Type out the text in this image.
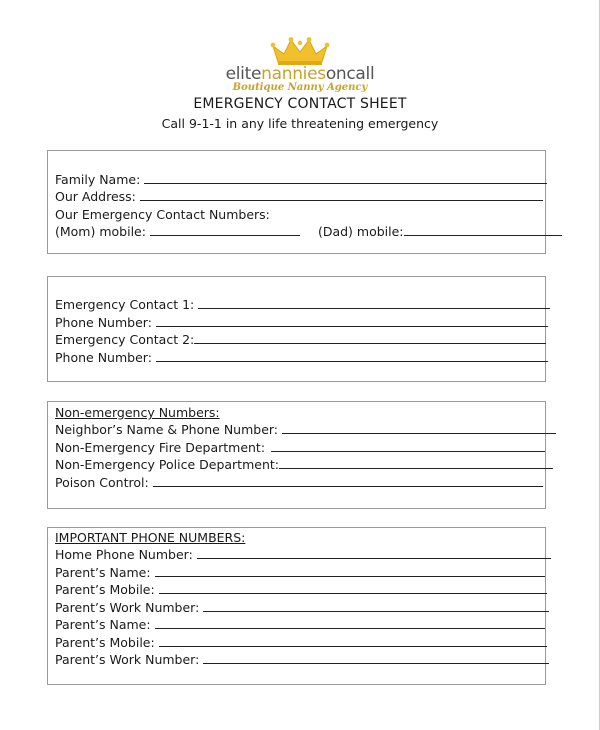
elitenanniesoncall
Boutique Nanny Agency
EMERGENCY CONTACT SHEET
Call 9-1-1 in any life threatening emergency
Family Name:
Our Address:
Our Emergency Contact Numbers:
(Mom) mobile:	(Dad) mobile:
Emergency Contact 1:
Phone Number:
Emergency Contact 2:
Phone Number:
Non-emergency Numbers:
Neighbor’s Name & Phone Number:
Non-Emergency Fire Department:
Non-Emergency Police Department:
Poison Control:
IMPORTANT PHONE NUMBERS:
Home Phone Number:
Parent’s Name:
Parent’s Mobile:
Parent’s Work Number:
Parent’s Name:
Parent’s Mobile:
Parent’s Work Number:
